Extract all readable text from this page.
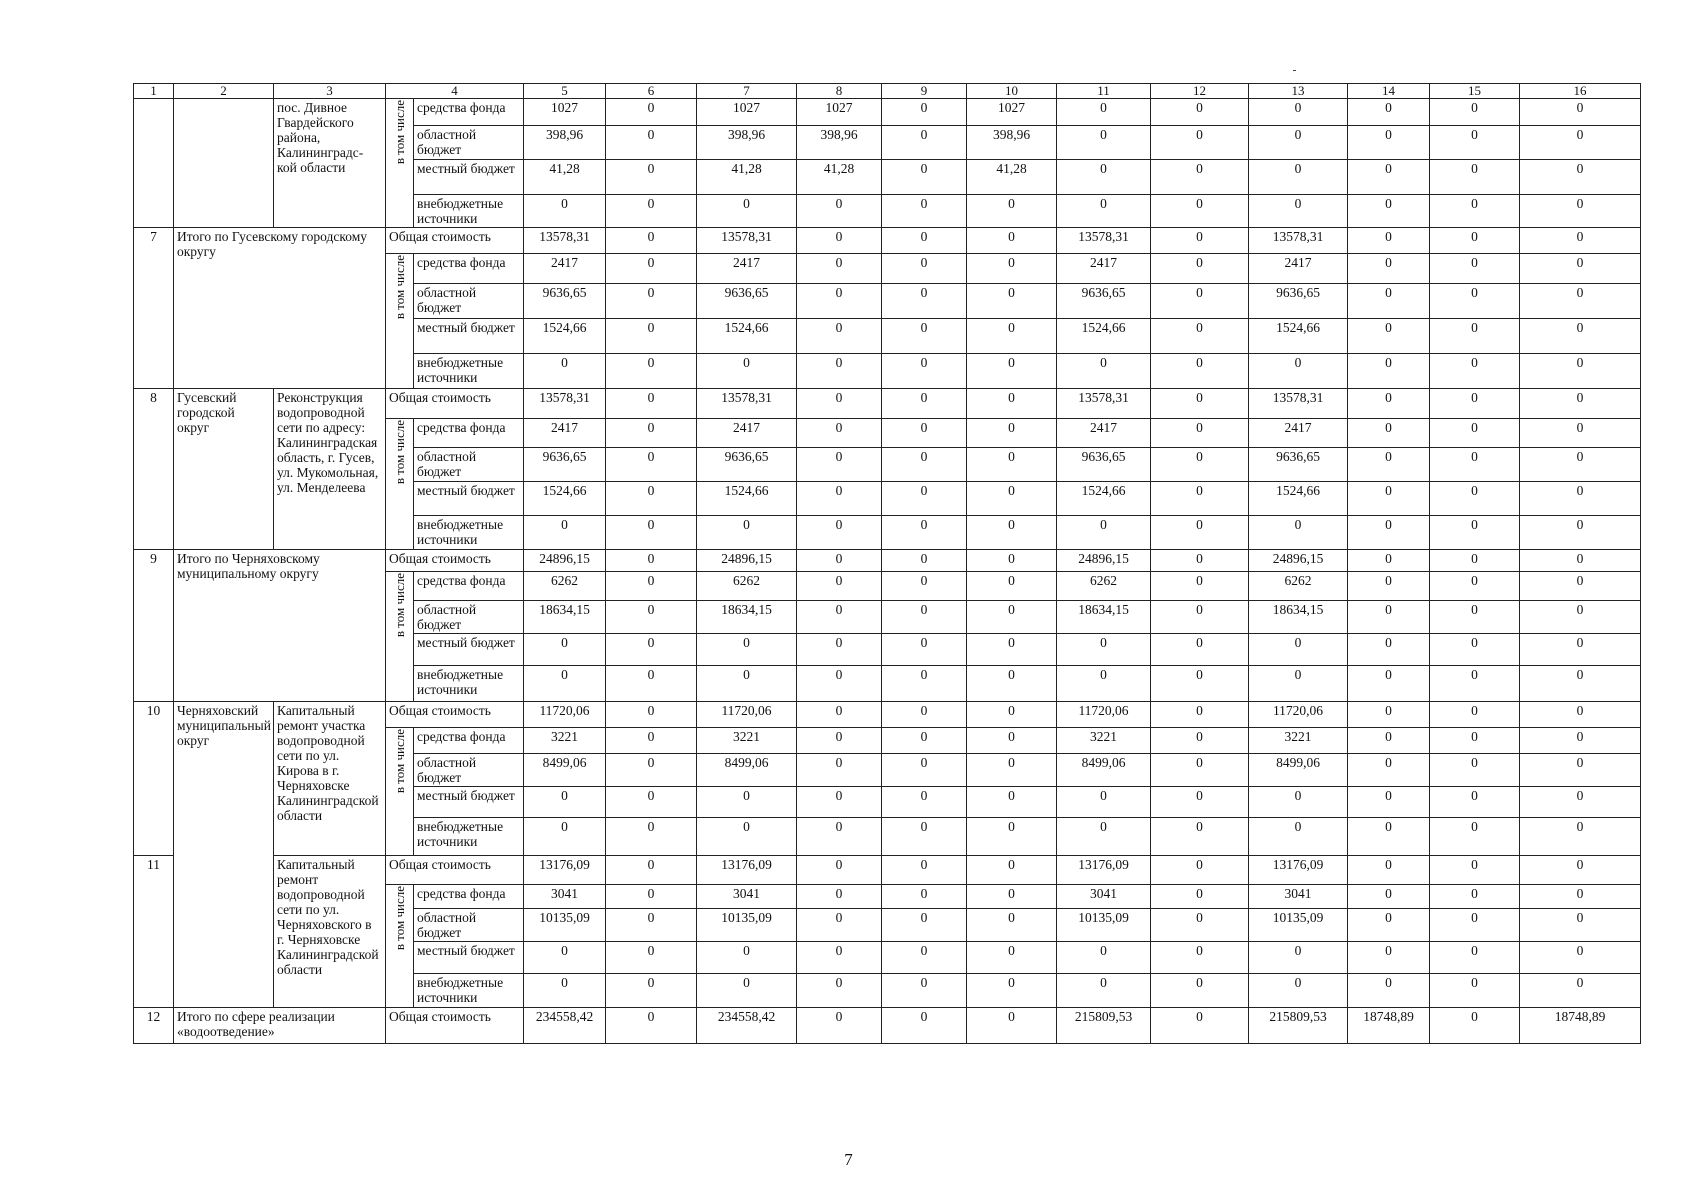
1	2	3	4		5	6	7	8	9	10	11	12	13	14	15	16
		пос. Дивное Гвардейского района, Калининградс-кой области	в том числе	средства фонда	1027	0	1027	1027	0	1027	0	0	0	0	0	0
				областной бюджет	398,96	0	398,96	398,96	0	398,96	0	0	0	0	0	0
				местный бюджет	41,28	0	41,28	41,28	0	41,28	0	0	0	0	0	0
				внебюджетные источники	0	0	0	0	0	0	0	0	0	0	0	0
7	Итого по Гусевскому городскому округу		Общая стоимость		13578,31	0	13578,31	0	0	0	13578,31	0	13578,31	0	0	0

			в том числе	средства фонда	2417	0	2417	0	0	0	2417	0	2417	0	0	0
				областной бюджет	9636,65	0	9636,65	0	0	0	9636,65	0	9636,65	0	0	0
				местный бюджет	1524,66	0	1524,66	0	0	0	1524,66	0	1524,66	0	0	0
				внебюджетные источники	0	0	0	0	0	0	0	0	0	0	0	0
8	Гусевский городской округ	Реконструкция водопроводной сети по адресу: Калининградская область, г. Гусев, ул. Мукомольная, ул. Менделеева	Общая стоимость		13578,31	0	13578,31	0	0	0	13578,31	0	13578,31	0	0	0

			в том числе	средства фонда	2417	0	2417	0	0	0	2417	0	2417	0	0	0
				областной бюджет	9636,65	0	9636,65	0	0	0	9636,65	0	9636,65	0	0	0
				местный бюджет	1524,66	0	1524,66	0	0	0	1524,66	0	1524,66	0	0	0
				внебюджетные источники	0	0	0	0	0	0	0	0	0	0	0	0
9	Итого по Черняховскому муниципальному округу		Общая стоимость		24896,15	0	24896,15	0	0	0	24896,15	0	24896,15	0	0	0

			в том числе	средства фонда	6262	0	6262	0	0	0	6262	0	6262	0	0	0
				областной бюджет	18634,15	0	18634,15	0	0	0	18634,15	0	18634,15	0	0	0
				местный бюджет	0	0	0	0	0	0	0	0	0	0	0	0
				внебюджетные источники	0	0	0	0	0	0	0	0	0	0	0	0
10	Черняховский муниципальный округ	Капитальный ремонт участка водопроводной сети по ул. Кирова в г. Черняховске Калининградской области	Общая стоимость		11720,06	0	11720,06	0	0	0	11720,06	0	11720,06	0	0	0

			в том числе	средства фонда	3221	0	3221	0	0	0	3221	0	3221	0	0	0
				областной бюджет	8499,06	0	8499,06	0	0	0	8499,06	0	8499,06	0	0	0
				местный бюджет	0	0	0	0	0	0	0	0	0	0	0	0
				внебюджетные источники	0	0	0	0	0	0	0	0	0	0	0	0
11		Капитальный ремонт водопроводной сети по ул. Черняховского в г. Черняховске Калининградской области	Общая стоимость		13176,09	0	13176,09	0	0	0	13176,09	0	13176,09	0	0	0

			в том числе	средства фонда	3041	0	3041	0	0	0	3041	0	3041	0	0	0
				областной бюджет	10135,09	0	10135,09	0	0	0	10135,09	0	10135,09	0	0	0
				местный бюджет	0	0	0	0	0	0	0	0	0	0	0	0
				внебюджетные источники	0	0	0	0	0	0	0	0	0	0	0	0
12	Итого по сфере реализации «водоотведение»		Общая стоимость		234558,42	0	234558,42	0	0	0	215809,53	0	215809,53	18748,89	0	18748,89
7
